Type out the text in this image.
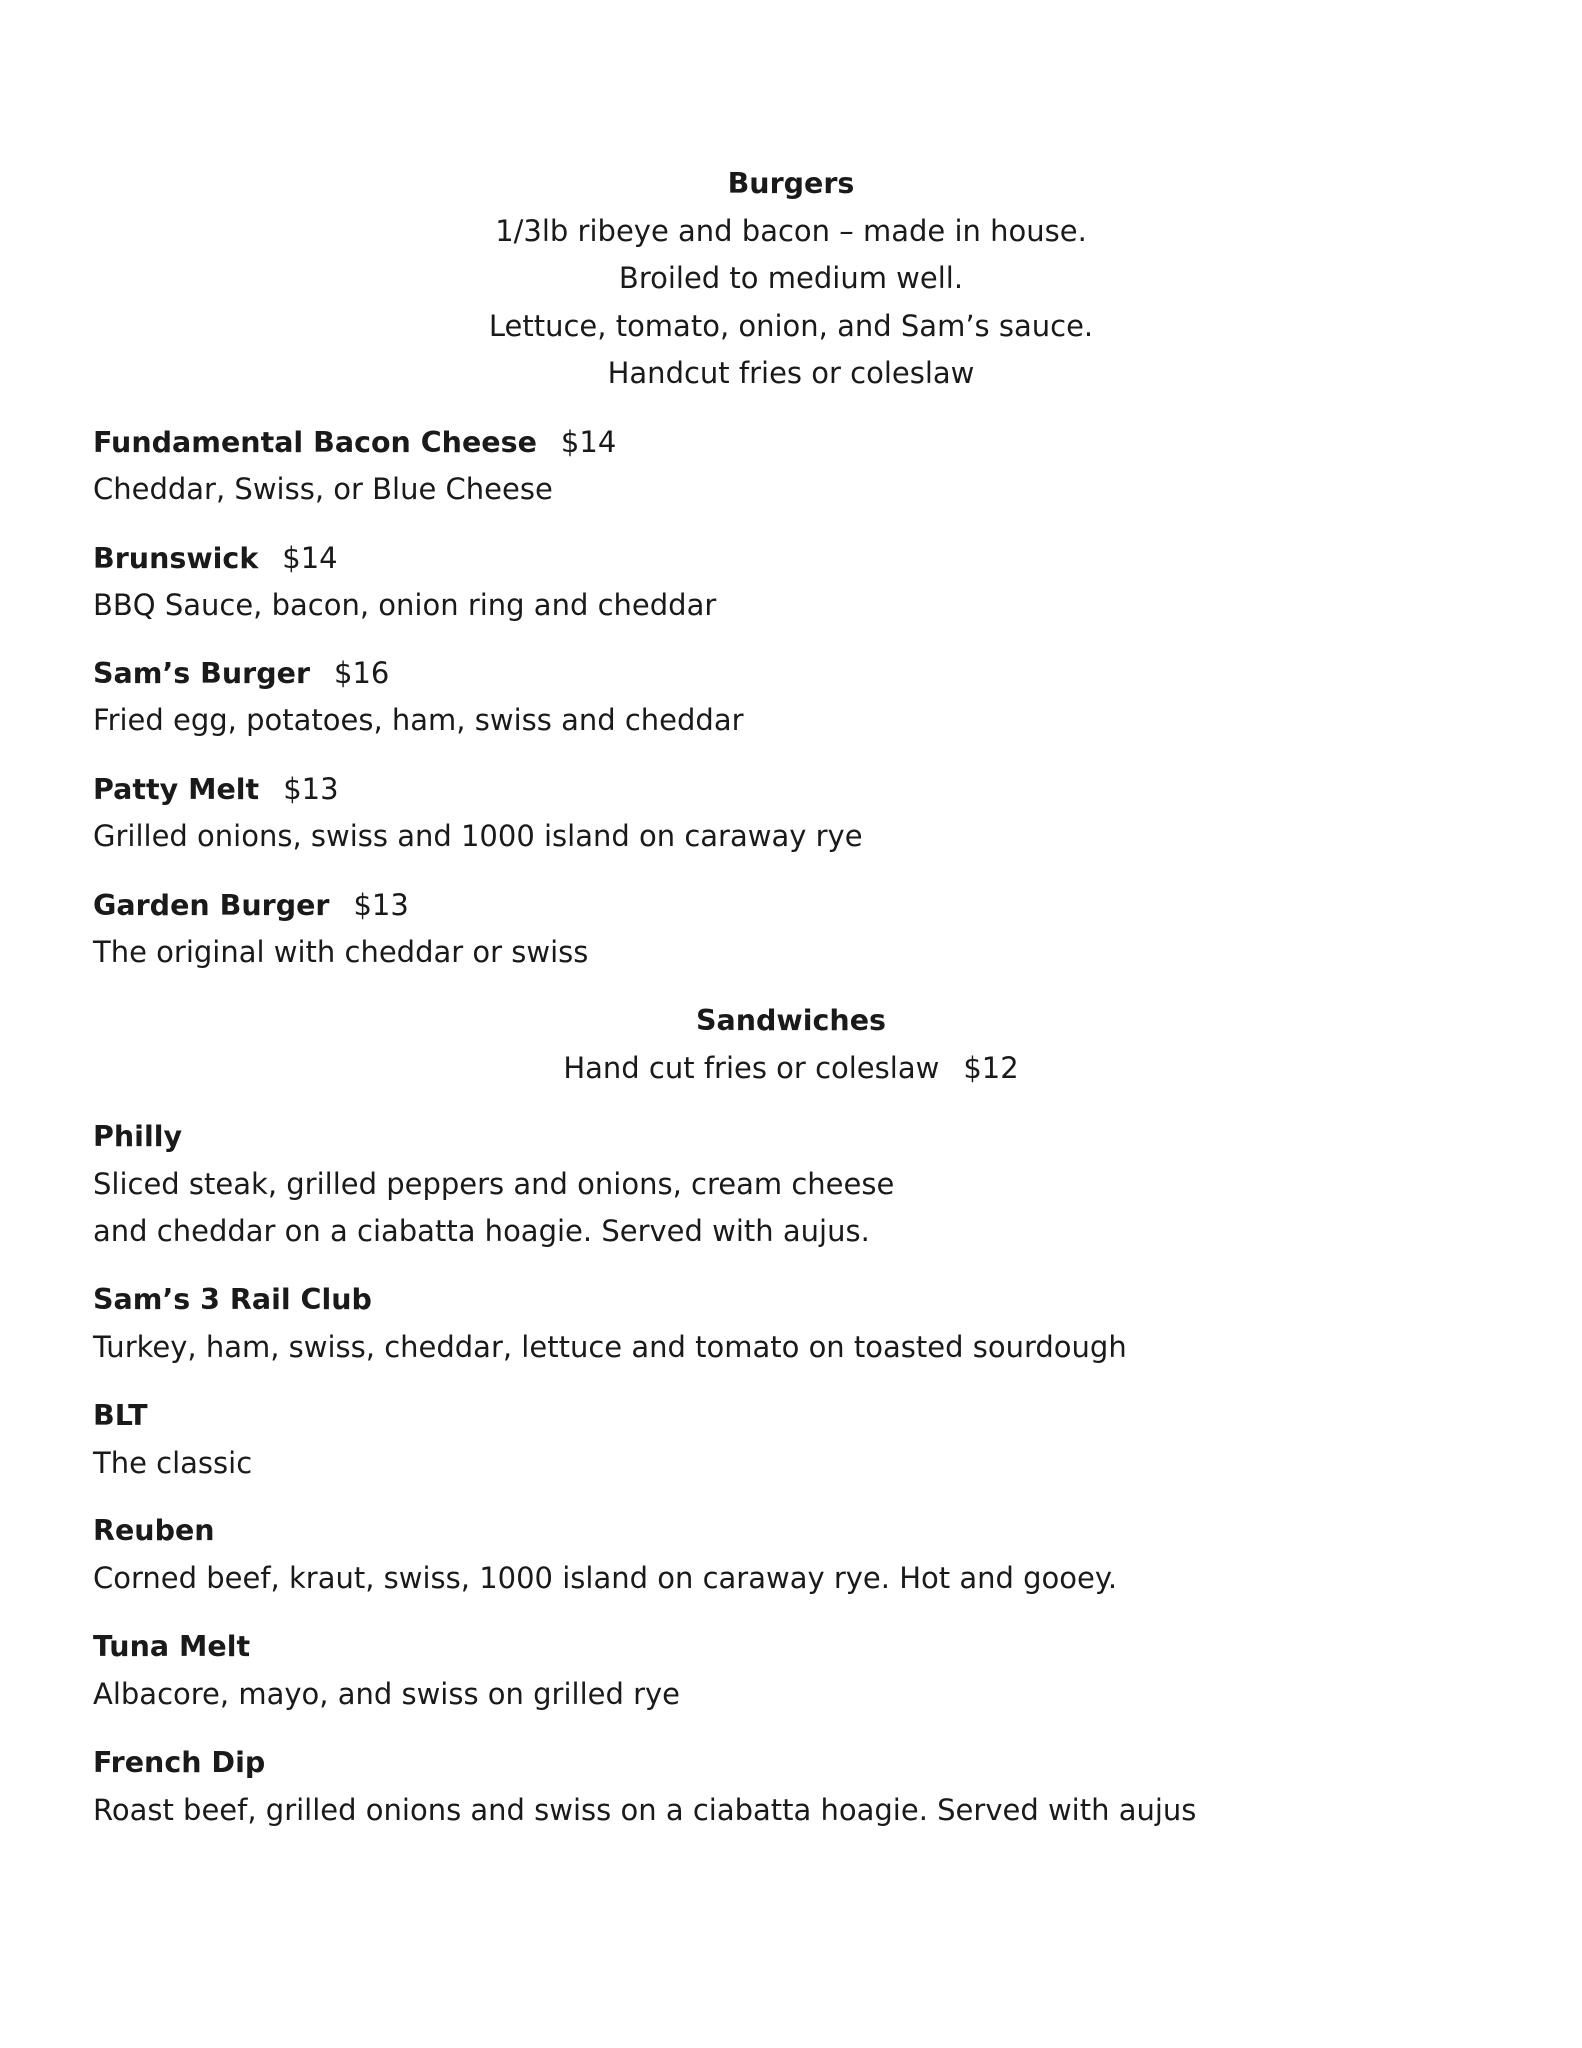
Burgers
1/3lb ribeye and bacon – made in house.
Broiled to medium well.
Lettuce, tomato, onion, and Sam’s sauce.
Handcut fries or coleslaw
Fundamental Bacon Cheese $14
Cheddar, Swiss, or Blue Cheese
Brunswick $14
BBQ Sauce, bacon, onion ring and cheddar
Sam’s Burger $16
Fried egg, potatoes, ham, swiss and cheddar
Patty Melt $13
Grilled onions, swiss and 1000 island on caraway rye
Garden Burger $13
The original with cheddar or swiss
Sandwiches
Hand cut fries or coleslaw $12
Philly
Sliced steak, grilled peppers and onions, cream cheese
and cheddar on a ciabatta hoagie. Served with aujus.
Sam’s 3 Rail Club
Turkey, ham, swiss, cheddar, lettuce and tomato on toasted sourdough
BLT
The classic
Reuben
Corned beef, kraut, swiss, 1000 island on caraway rye. Hot and gooey.
Tuna Melt
Albacore, mayo, and swiss on grilled rye
French Dip
Roast beef, grilled onions and swiss on a ciabatta hoagie. Served with aujus
